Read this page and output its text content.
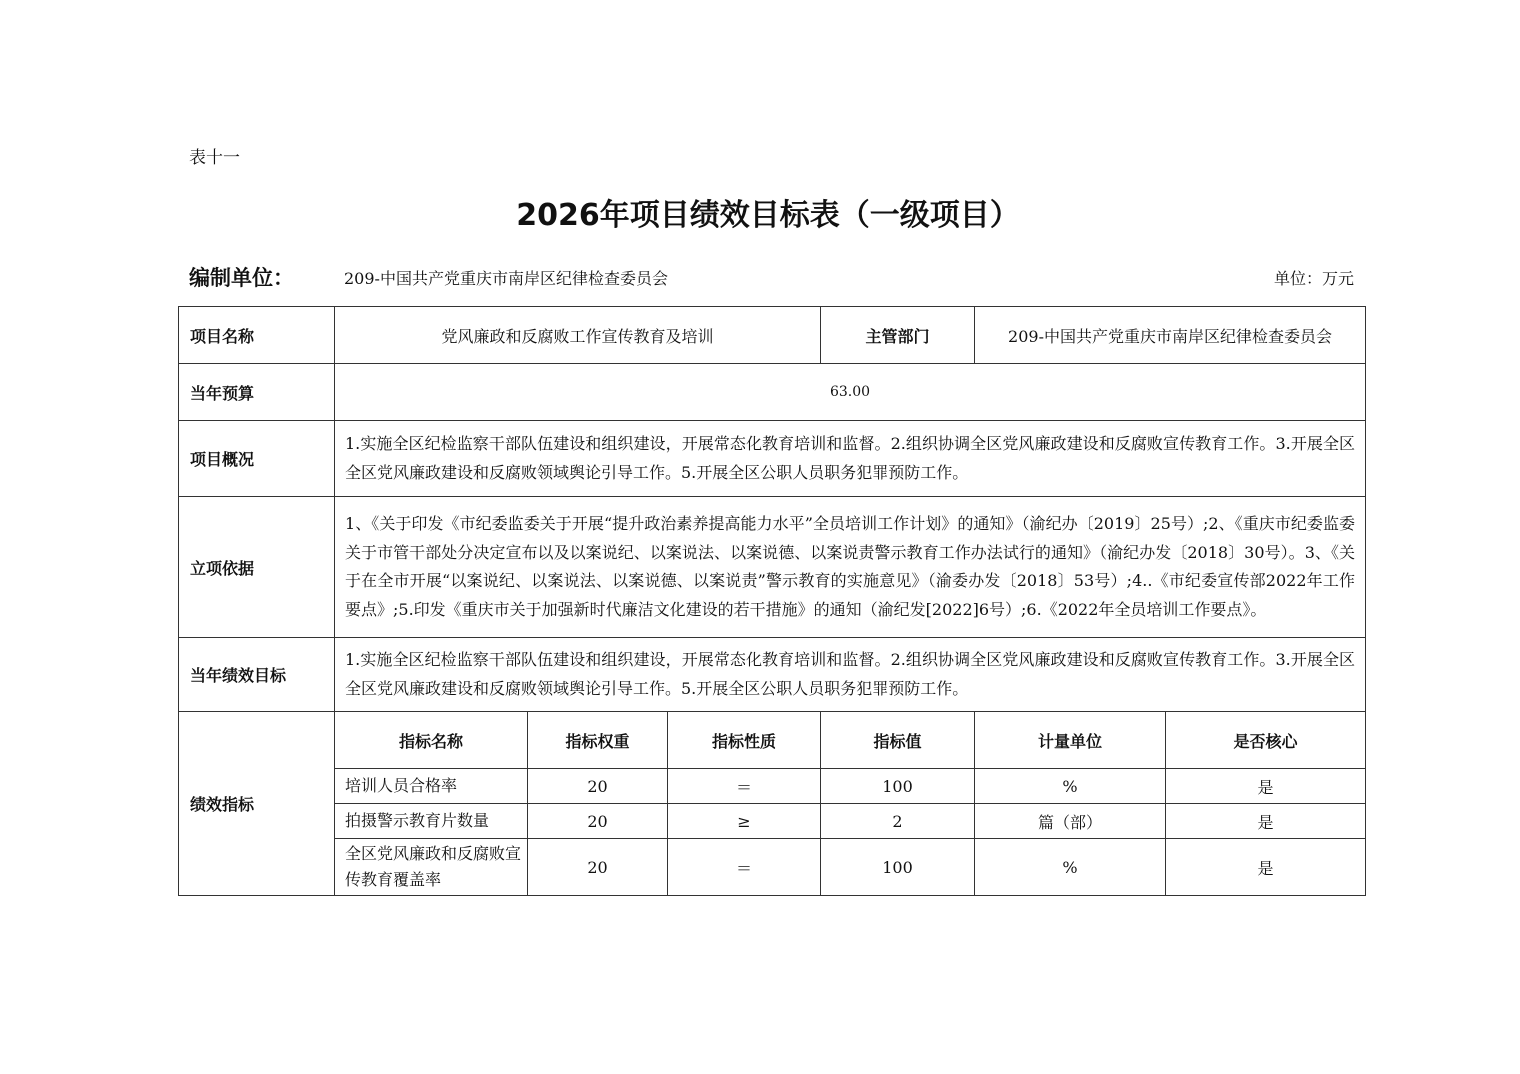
表十一
2026年项目绩效目标表（一级项目）
编制单位：	209-中国共产党重庆市南岸区纪律检查委员会	单位：万元
项目名称	党风廉政和反腐败工作宣传教育及培训			主管部门	209-中国共产党重庆市南岸区纪律检查委员会	
当年预算	63.00					
项目概况	1.实施全区纪检监察干部队伍建设和组织建设，开展常态化教育培训和监督。2.组织协调全区党风廉政建设和反腐败宣传教育工作。3.开展全区全区党风廉政建设和反腐败领域舆论引导工作。5.开展全区公职人员职务犯罪预防工作。					
立项依据	1、《关于印发《市纪委监委关于开展“提升政治素养提高能力水平”全员培训工作计划》的通知》（渝纪办〔2019〕25号）;2、《重庆市纪委监委关于市管干部处分决定宣布以及以案说纪、以案说法、以案说德、以案说责警示教育工作办法试行的通知》（渝纪办发〔2018〕30号）。3、《关于在全市开展“以案说纪、以案说法、以案说德、以案说责”警示教育的实施意见》（渝委办发〔2018〕53号）;4..《市纪委宣传部2022年工作要点》;5.印发《重庆市关于加强新时代廉洁文化建设的若干措施》的通知（渝纪发[2022]6号）;6.《2022年全员培训工作要点》。					
当年绩效目标	1.实施全区纪检监察干部队伍建设和组织建设，开展常态化教育培训和监督。2.组织协调全区党风廉政建设和反腐败宣传教育工作。3.开展全区全区党风廉政建设和反腐败领域舆论引导工作。5.开展全区公职人员职务犯罪预防工作。					
绩效指标	指标名称	指标权重	指标性质	指标值	计量单位	是否核心
	培训人员合格率	20	＝	100	%	是
	拍摄警示教育片数量	20	≥	2	篇（部）	是
	全区党风廉政和反腐败宣传教育覆盖率	20	＝	100	%	是
